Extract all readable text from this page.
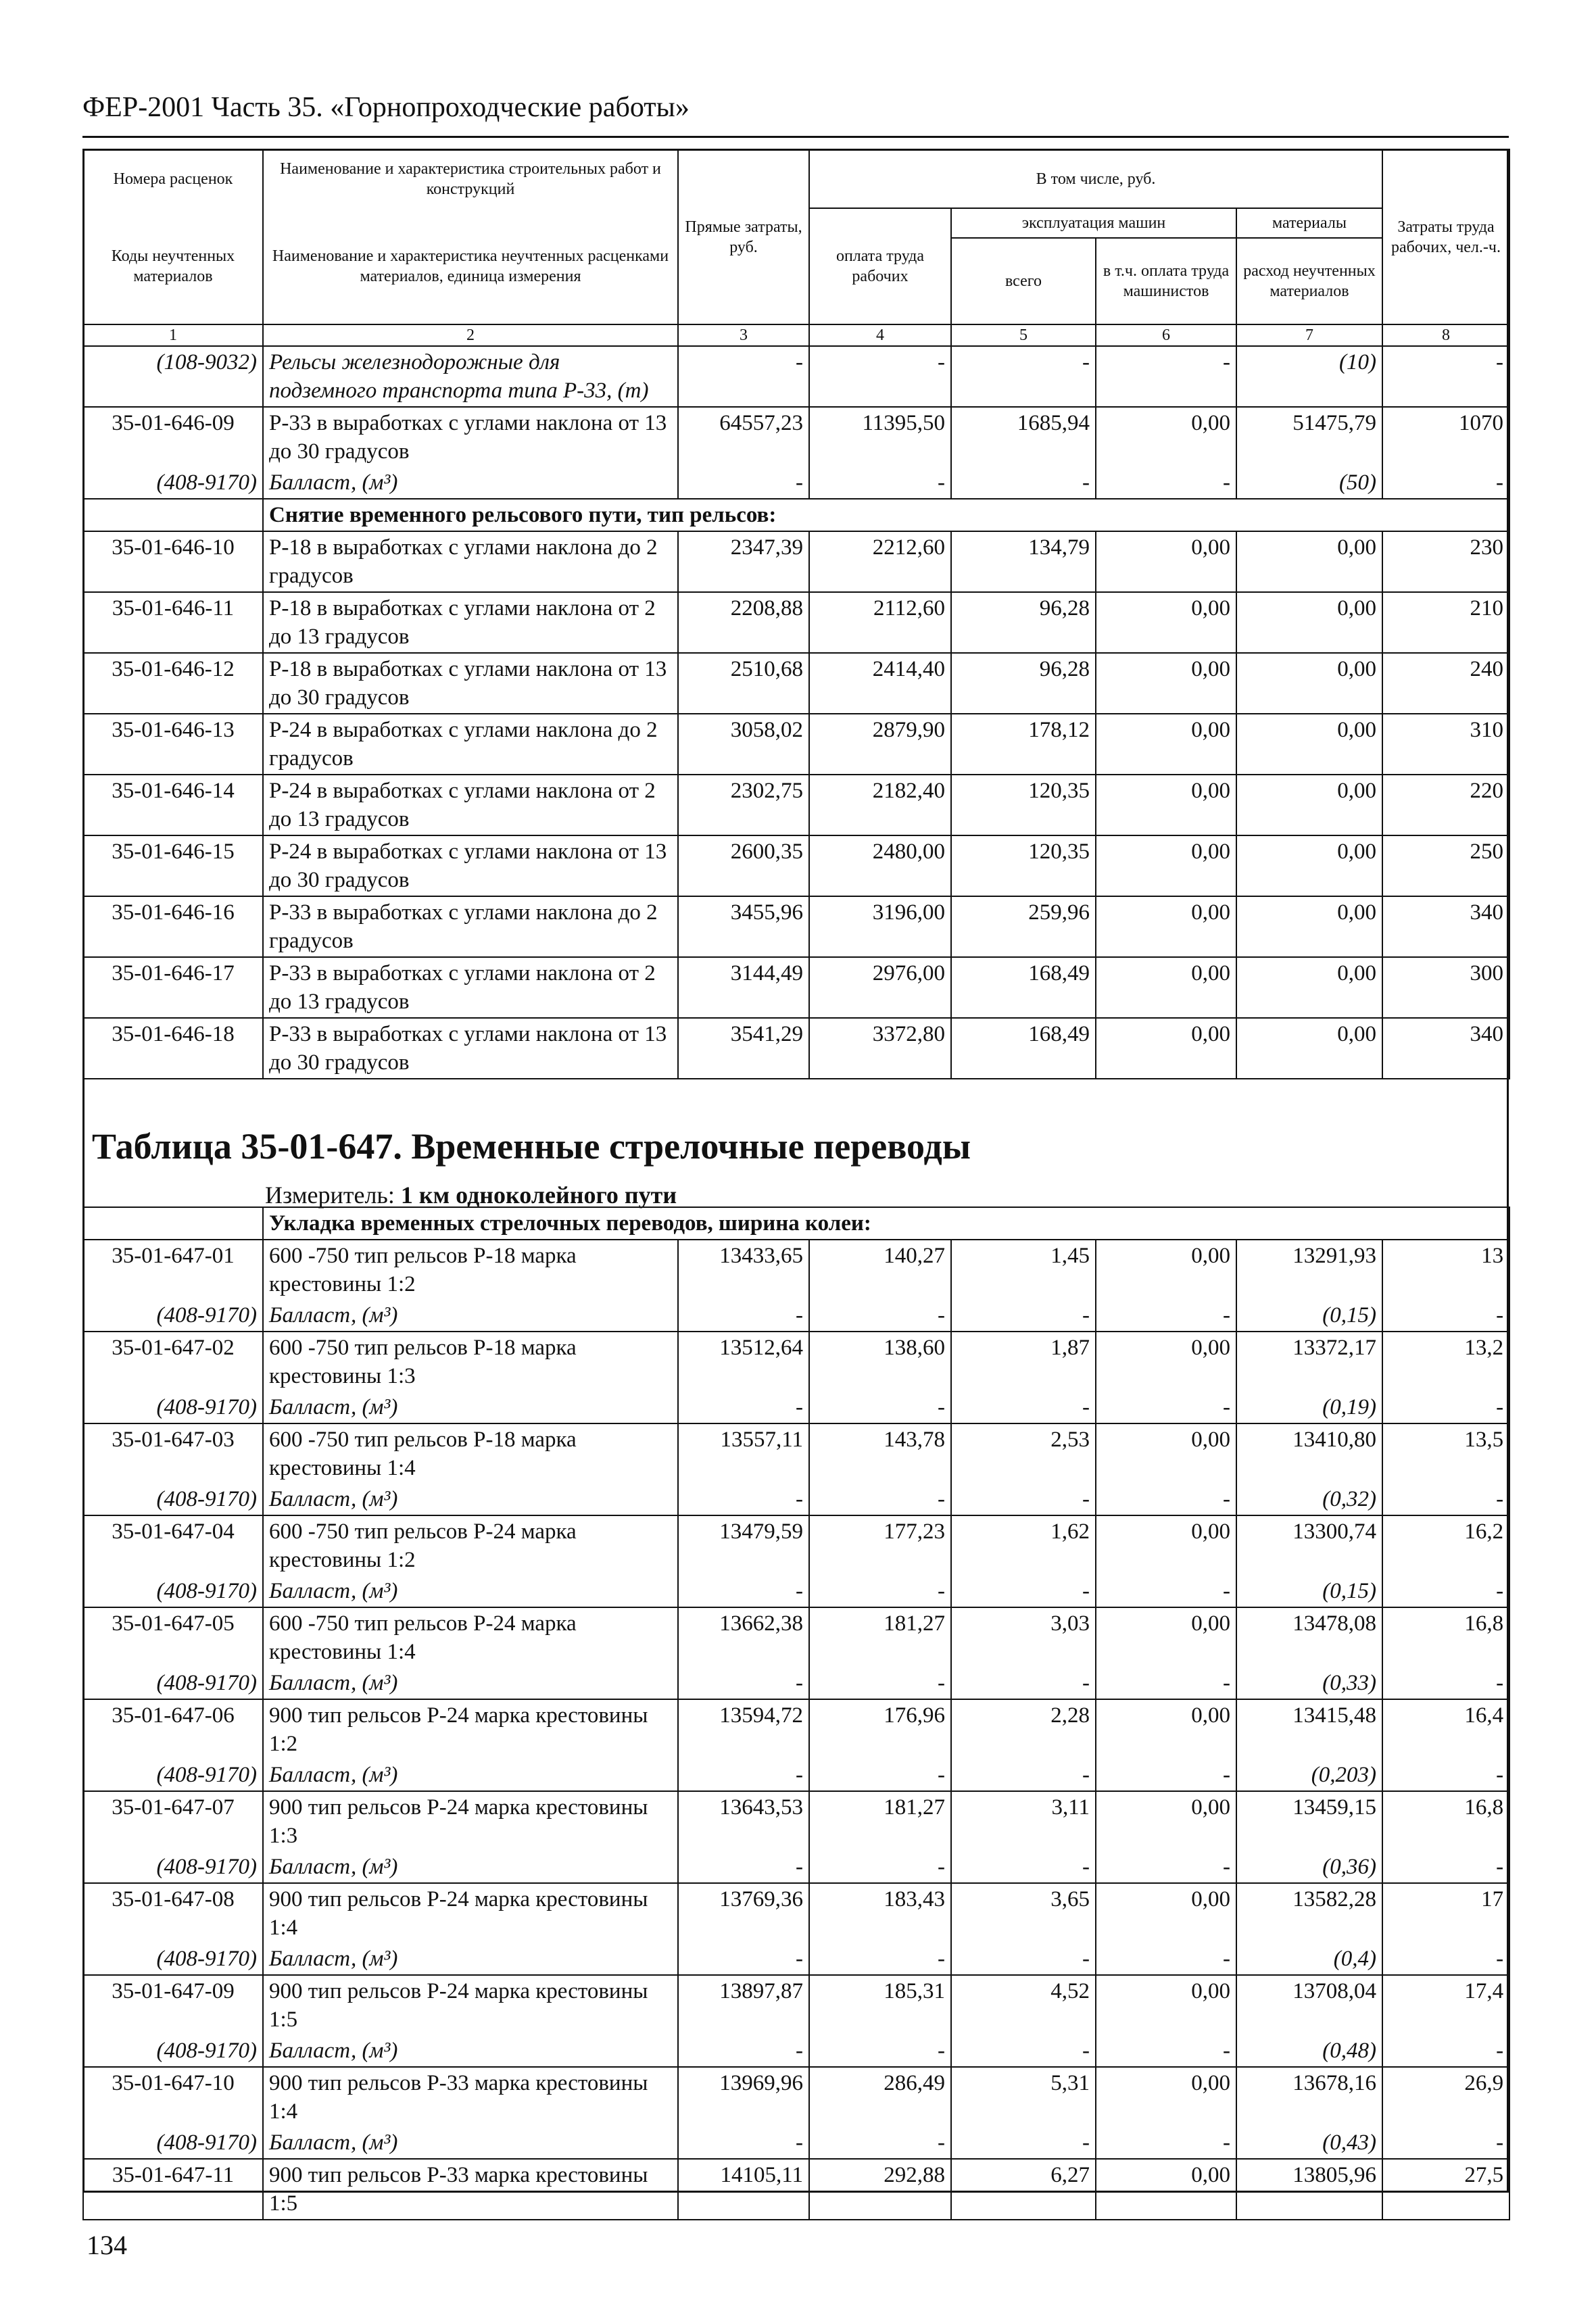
ФЕР-2001 Часть 35. «Горнопроходческие работы»
Номера расценок	Наименование и характеристика строительных работ и конструкций	Прямые затраты, руб.	В том числе, руб.				Затраты труда рабочих, чел.-ч.
Коды неучтенных материалов	Наименование и характеристика неучтенных расценками материалов, единица измерения		оплата труда рабочих	эксплуатация машин		материалы	
				всего	в т.ч. оплата труда машинистов	расход неучтенных материалов	
1	2	3	4	5	6	7	8
(108-9032)	Рельсы железнодорожные для подземного транспорта типа Р-33, (т)	-	-	-	-	(10)	-
35-01-646-09	Р-33 в выработках с углами наклона от 13 до 30 градусов	64557,23	11395,50	1685,94	0,00	51475,79	1070
(408-9170)	Балласт, (м³)	-	-	-	-	(50)	-
	Снятие временного рельсового пути, тип рельсов:						
35-01-646-10	Р-18 в выработках с углами наклона до 2 градусов	2347,39	2212,60	134,79	0,00	0,00	230
35-01-646-11	Р-18 в выработках с углами наклона от 2 до 13 градусов	2208,88	2112,60	96,28	0,00	0,00	210
35-01-646-12	Р-18 в выработках с углами наклона от 13 до 30 градусов	2510,68	2414,40	96,28	0,00	0,00	240
35-01-646-13	Р-24 в выработках с углами наклона до 2 градусов	3058,02	2879,90	178,12	0,00	0,00	310
35-01-646-14	Р-24 в выработках с углами наклона от 2 до 13 градусов	2302,75	2182,40	120,35	0,00	0,00	220
35-01-646-15	Р-24 в выработках с углами наклона от 13 до 30 градусов	2600,35	2480,00	120,35	0,00	0,00	250
35-01-646-16	Р-33 в выработках с углами наклона до 2 градусов	3455,96	3196,00	259,96	0,00	0,00	340
35-01-646-17	Р-33 в выработках с углами наклона от 2 до 13 градусов	3144,49	2976,00	168,49	0,00	0,00	300
35-01-646-18	Р-33 в выработках с углами наклона от 13 до 30 градусов	3541,29	3372,80	168,49	0,00	0,00	340

Таблица 35-01-647. Временные стрелочные переводы
Измеритель: 1 км одноколейного пути
	Укладка временных стрелочных переводов, ширина колеи:						
35-01-647-01	600 -750 тип рельсов Р-18 марка крестовины 1:2	13433,65	140,27	1,45	0,00	13291,93	13
(408-9170)	Балласт, (м³)	-	-	-	-	(0,15)	-
35-01-647-02	600 -750 тип рельсов Р-18 марка крестовины 1:3	13512,64	138,60	1,87	0,00	13372,17	13,2
(408-9170)	Балласт, (м³)	-	-	-	-	(0,19)	-
35-01-647-03	600 -750 тип рельсов Р-18 марка крестовины 1:4	13557,11	143,78	2,53	0,00	13410,80	13,5
(408-9170)	Балласт, (м³)	-	-	-	-	(0,32)	-
35-01-647-04	600 -750 тип рельсов Р-24 марка крестовины 1:2	13479,59	177,23	1,62	0,00	13300,74	16,2
(408-9170)	Балласт, (м³)	-	-	-	-	(0,15)	-
35-01-647-05	600 -750 тип рельсов Р-24 марка крестовины 1:4	13662,38	181,27	3,03	0,00	13478,08	16,8
(408-9170)	Балласт, (м³)	-	-	-	-	(0,33)	-
35-01-647-06	900 тип рельсов Р-24 марка крестовины 1:2	13594,72	176,96	2,28	0,00	13415,48	16,4
(408-9170)	Балласт, (м³)	-	-	-	-	(0,203)	-
35-01-647-07	900 тип рельсов Р-24 марка крестовины 1:3	13643,53	181,27	3,11	0,00	13459,15	16,8
(408-9170)	Балласт, (м³)	-	-	-	-	(0,36)	-
35-01-647-08	900 тип рельсов Р-24 марка крестовины 1:4	13769,36	183,43	3,65	0,00	13582,28	17
(408-9170)	Балласт, (м³)	-	-	-	-	(0,4)	-
35-01-647-09	900 тип рельсов Р-24 марка крестовины 1:5	13897,87	185,31	4,52	0,00	13708,04	17,4
(408-9170)	Балласт, (м³)	-	-	-	-	(0,48)	-
35-01-647-10	900 тип рельсов Р-33 марка крестовины 1:4	13969,96	286,49	5,31	0,00	13678,16	26,9
(408-9170)	Балласт, (м³)	-	-	-	-	(0,43)	-
35-01-647-11	900 тип рельсов Р-33 марка крестовины 1:5	14105,11	292,88	6,27	0,00	13805,96	27,5
134
